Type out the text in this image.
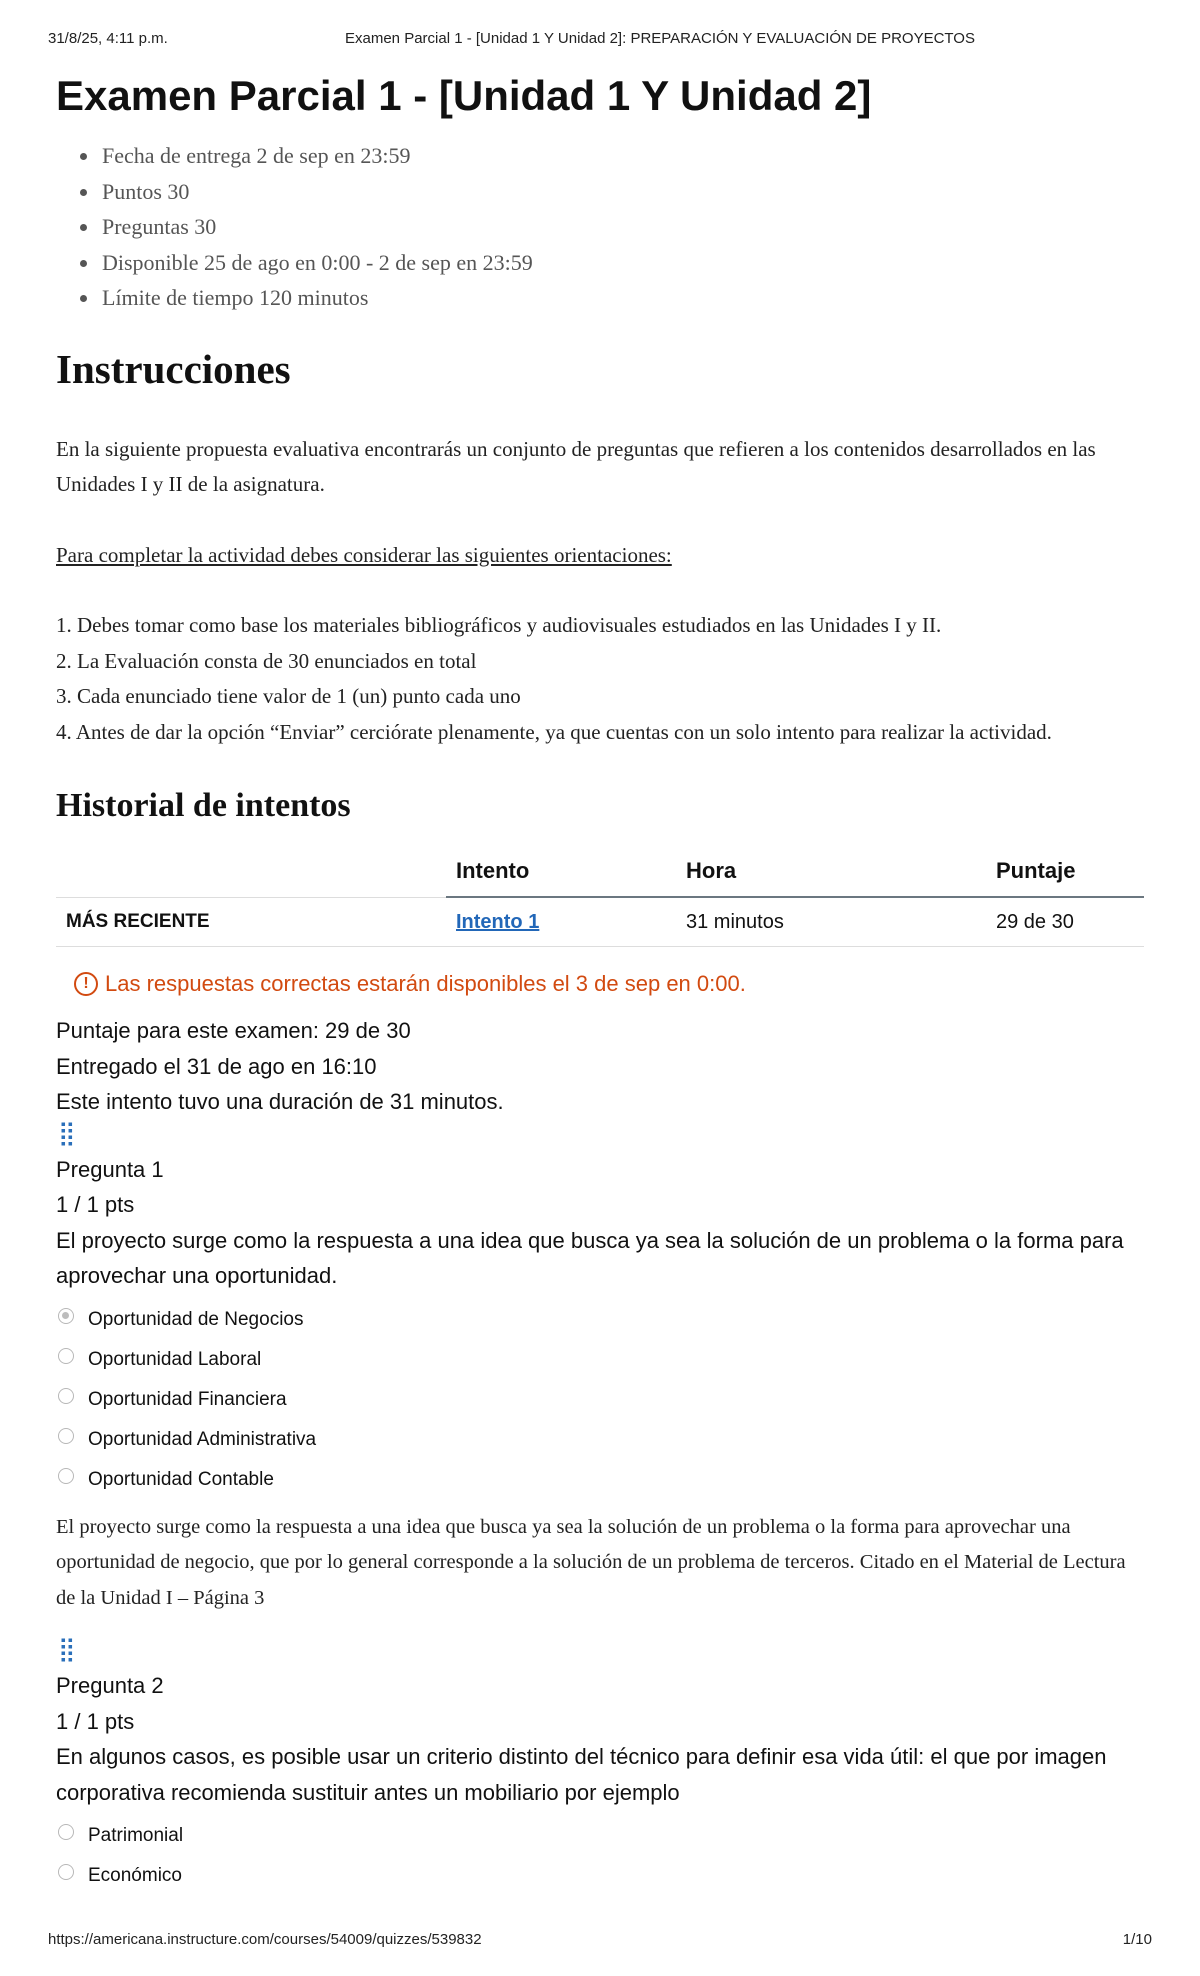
31/8/25, 4:11 p.m.	Examen Parcial 1 - [Unidad 1 Y Unidad 2]: PREPARACIÓN Y EVALUACIÓN DE PROYECTOS
Examen Parcial 1 - [Unidad 1 Y Unidad 2]
• Fecha de entrega 2 de sep en 23:59
• Puntos 30
• Preguntas 30
• Disponible 25 de ago en 0:00 - 2 de sep en 23:59
• Límite de tiempo 120 minutos
Instrucciones

En la siguiente propuesta evaluativa encontrarás un conjunto de preguntas que refieren a los contenidos desarrollados en las Unidades I y II de la asignatura.

Para completar la actividad debes considerar las siguientes orientaciones:

1. Debes tomar como base los materiales bibliográficos y audiovisuales estudiados en las Unidades I y II.

2. La Evaluación consta de 30 enunciados en total

3. Cada enunciado tiene valor de 1 (un) punto cada uno

4. Antes de dar la opción “Enviar” cerciórate plenamente, ya que cuentas con un solo intento para realizar la actividad.

Historial de intentos
	Intento	Hora	Puntaje
MÁS RECIENTE	Intento 1	31 minutos	29 de 30
! Las respuestas correctas estarán disponibles el 3 de sep en 0:00.
Puntaje para este examen: 29 de 30
Entregado el 31 de ago en 16:10
Este intento tuvo una duración de 31 minutos.
⣿
Pregunta 1
1 / 1 pts

El proyecto surge como la respuesta a una idea que busca ya sea la solución de un problema o la forma para aprovechar una oportunidad.

Oportunidad de Negocios
Oportunidad Laboral
Oportunidad Financiera
Oportunidad Administrativa
Oportunidad Contable

El proyecto surge como la respuesta a una idea que busca ya sea la solución de un problema o la forma para aprovechar una oportunidad de negocio, que por lo general corresponde a la solución de un problema de terceros. Citado en el Material de Lectura de la Unidad I – Página 3

⣿
Pregunta 2
1 / 1 pts

En algunos casos, es posible usar un criterio distinto del técnico para definir esa vida útil: el que por imagen corporativa recomienda sustituir antes un mobiliario por ejemplo

Patrimonial
Económico
https://americana.instructure.com/courses/54009/quizzes/539832	1/10
